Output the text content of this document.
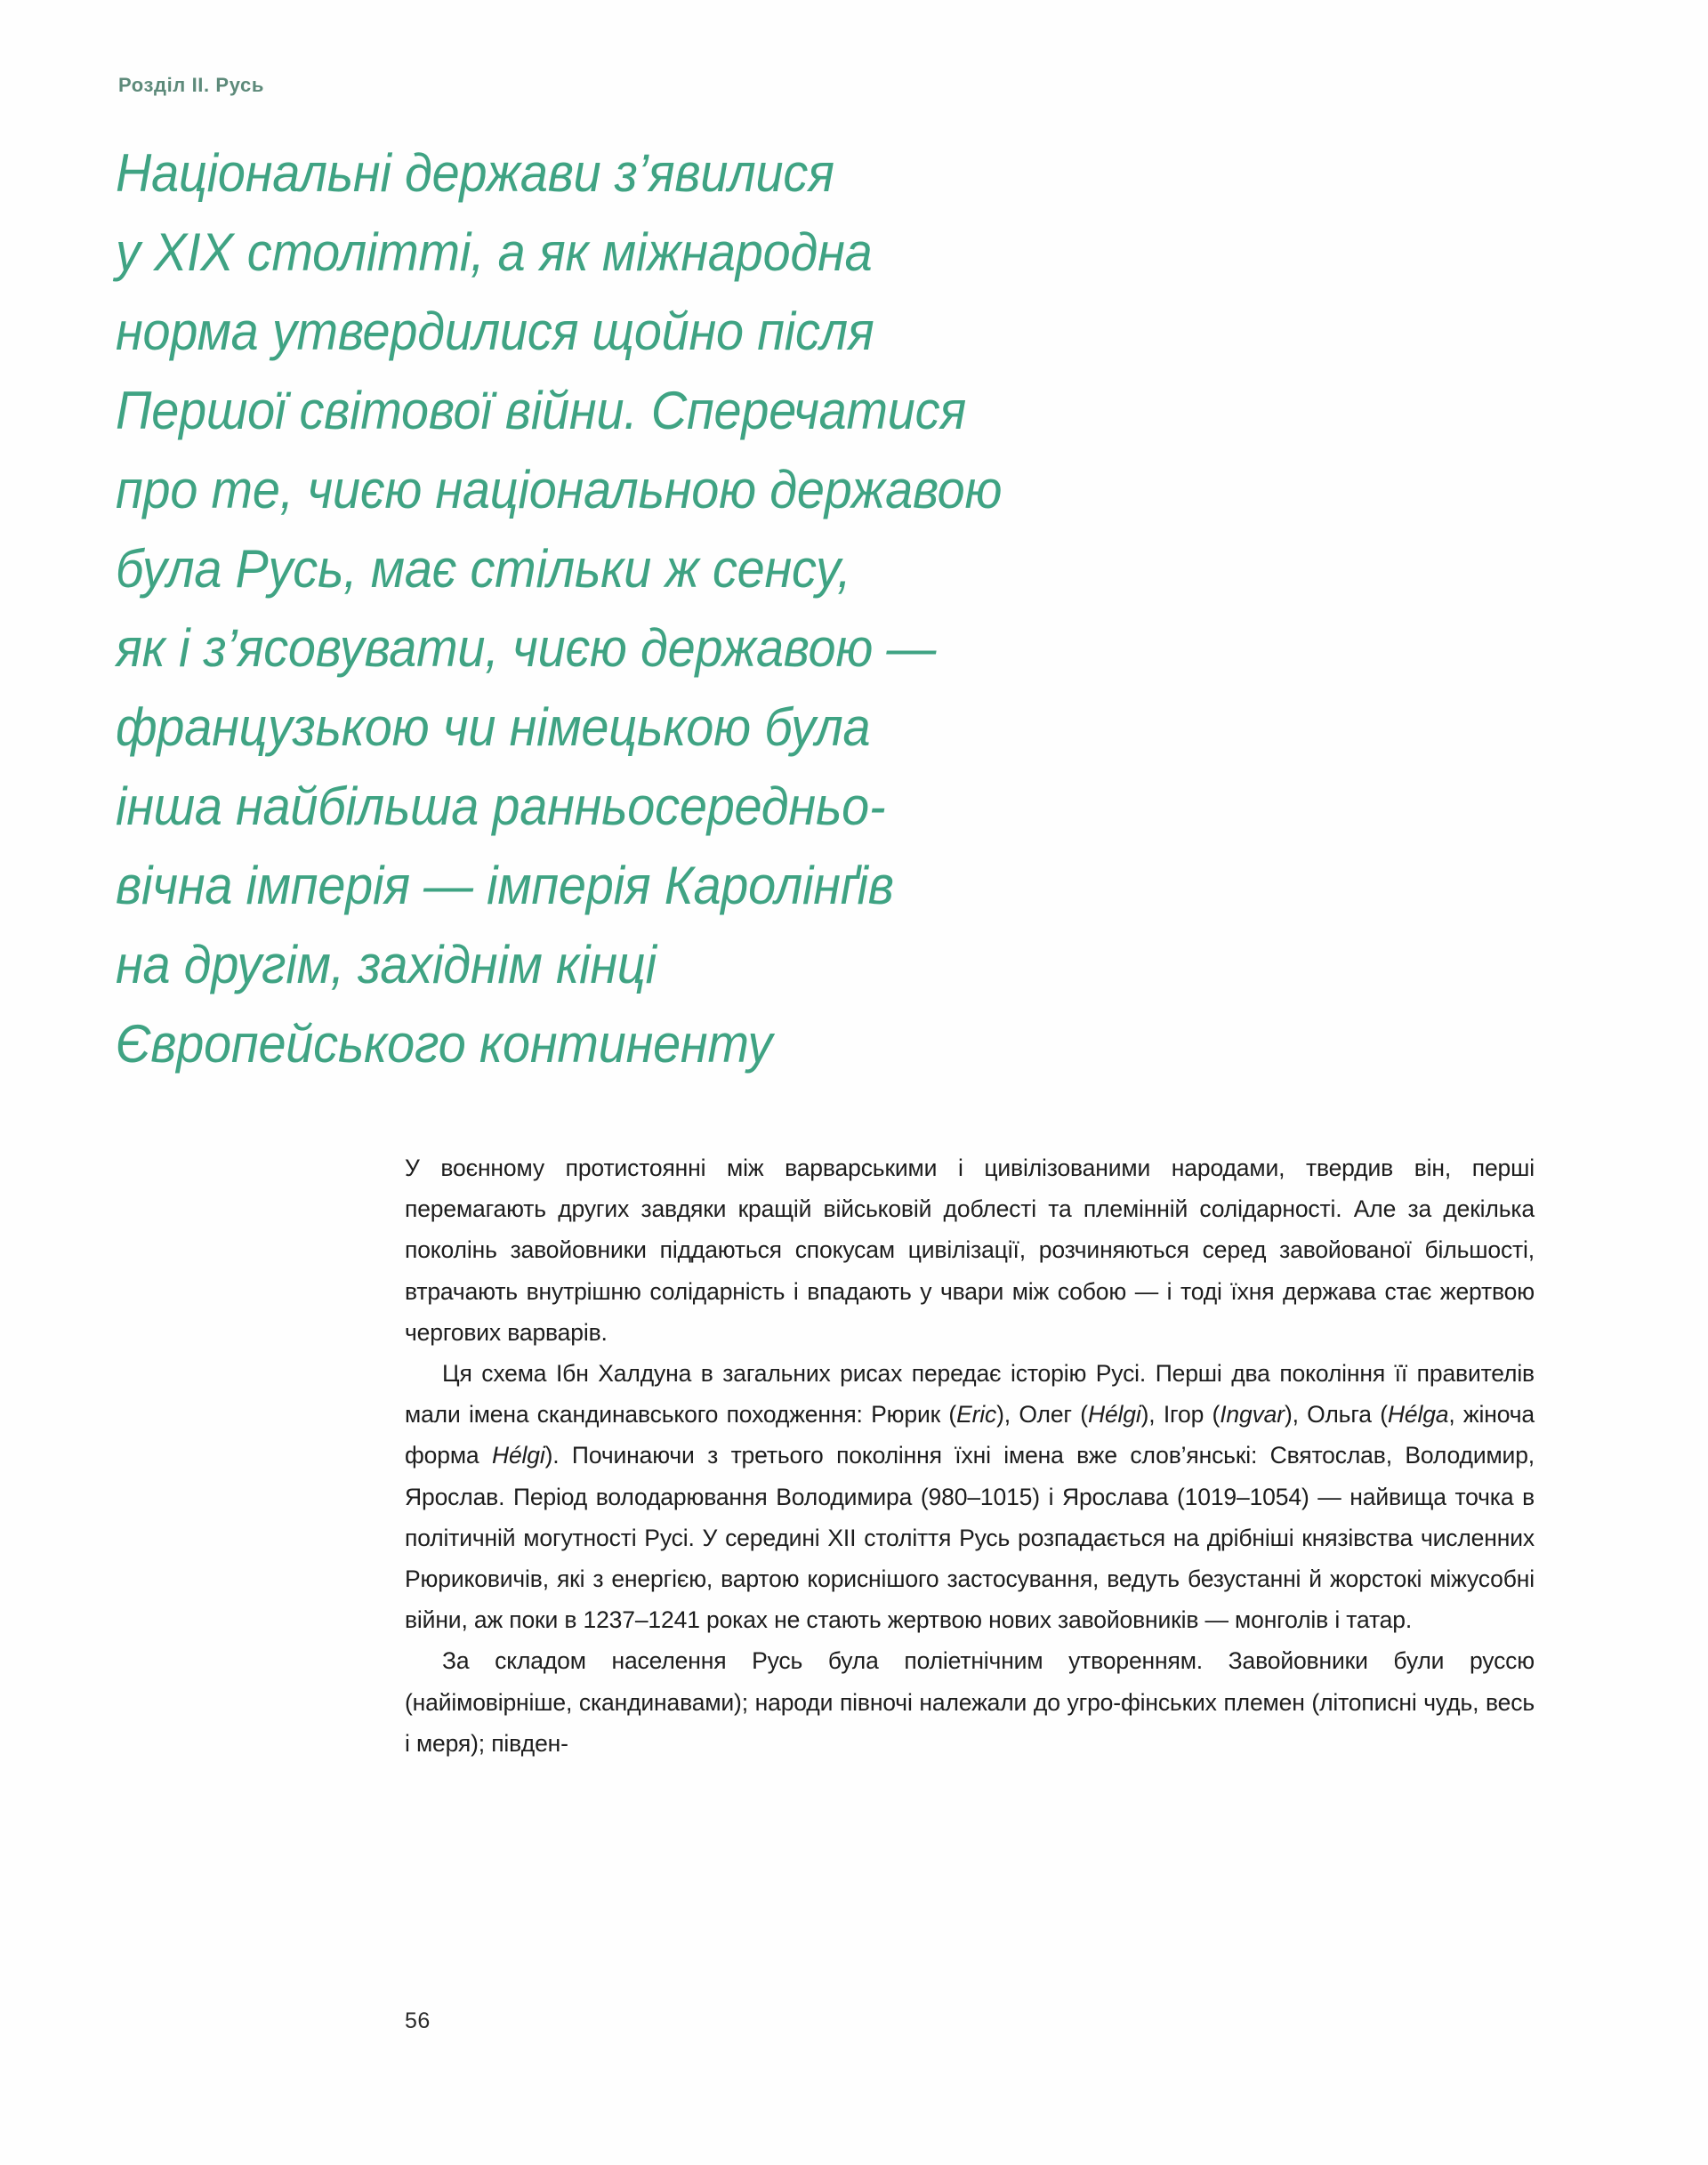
Розділ II. Русь
Національні держави з’явилися
у XIX столітті, а як міжнародна
норма утвердилися щойно після
Першої світової війни. Сперечатися
про те, чиєю національною державою
була Русь, має стільки ж сенсу,
як і з’ясовувати, чиєю державою —
французькою чи німецькою була
інша найбільша ранньосередньо-
вічна імперія — імперія Каролінґів
на другім, західнім кінці
Європейського континенту

У воєнному протистоянні між варварськими і цивілізованими народами, твердив він, перші перемагають других завдяки кращій військовій доблесті та племінній солідарності. Але за декілька поколінь завойовники піддаються спокусам цивілізації, розчиняються серед завойованої більшості, втрачають внутрішню солідарність і впадають у чвари між собою — і тоді їхня держава стає жертвою чергових варварів.

Ця схема Ібн Халдуна в загальних рисах передає історію Русі. Перші два покоління її правителів мали імена скандинавського походження: Рюрик (Eric), Олег (Hélgi), Ігор (Ingvar), Ольга (Hélga, жіноча форма Hélgi). Починаючи з третього покоління їхні імена вже слов’янські: Святослав, Володимир, Ярослав. Період володарювання Володимира (980–1015) і Ярослава (1019–1054) — найвища точка в політичній могутності Русі. У середині XII століття Русь розпадається на дрібніші князівства численних Рюриковичів, які з енергією, вартою кориснішого застосування, ведуть безустанні й жорстокі міжусобні війни, аж поки в 1237–1241 роках не стають жертвою нових завойовників — монголів і татар.

За складом населення Русь була поліетнічним утворенням. Завойовники були руссю (найімовірніше, скандинавами); народи півночі належали до угро-фінських племен (літописні чудь, весь і меря); півден-

56
